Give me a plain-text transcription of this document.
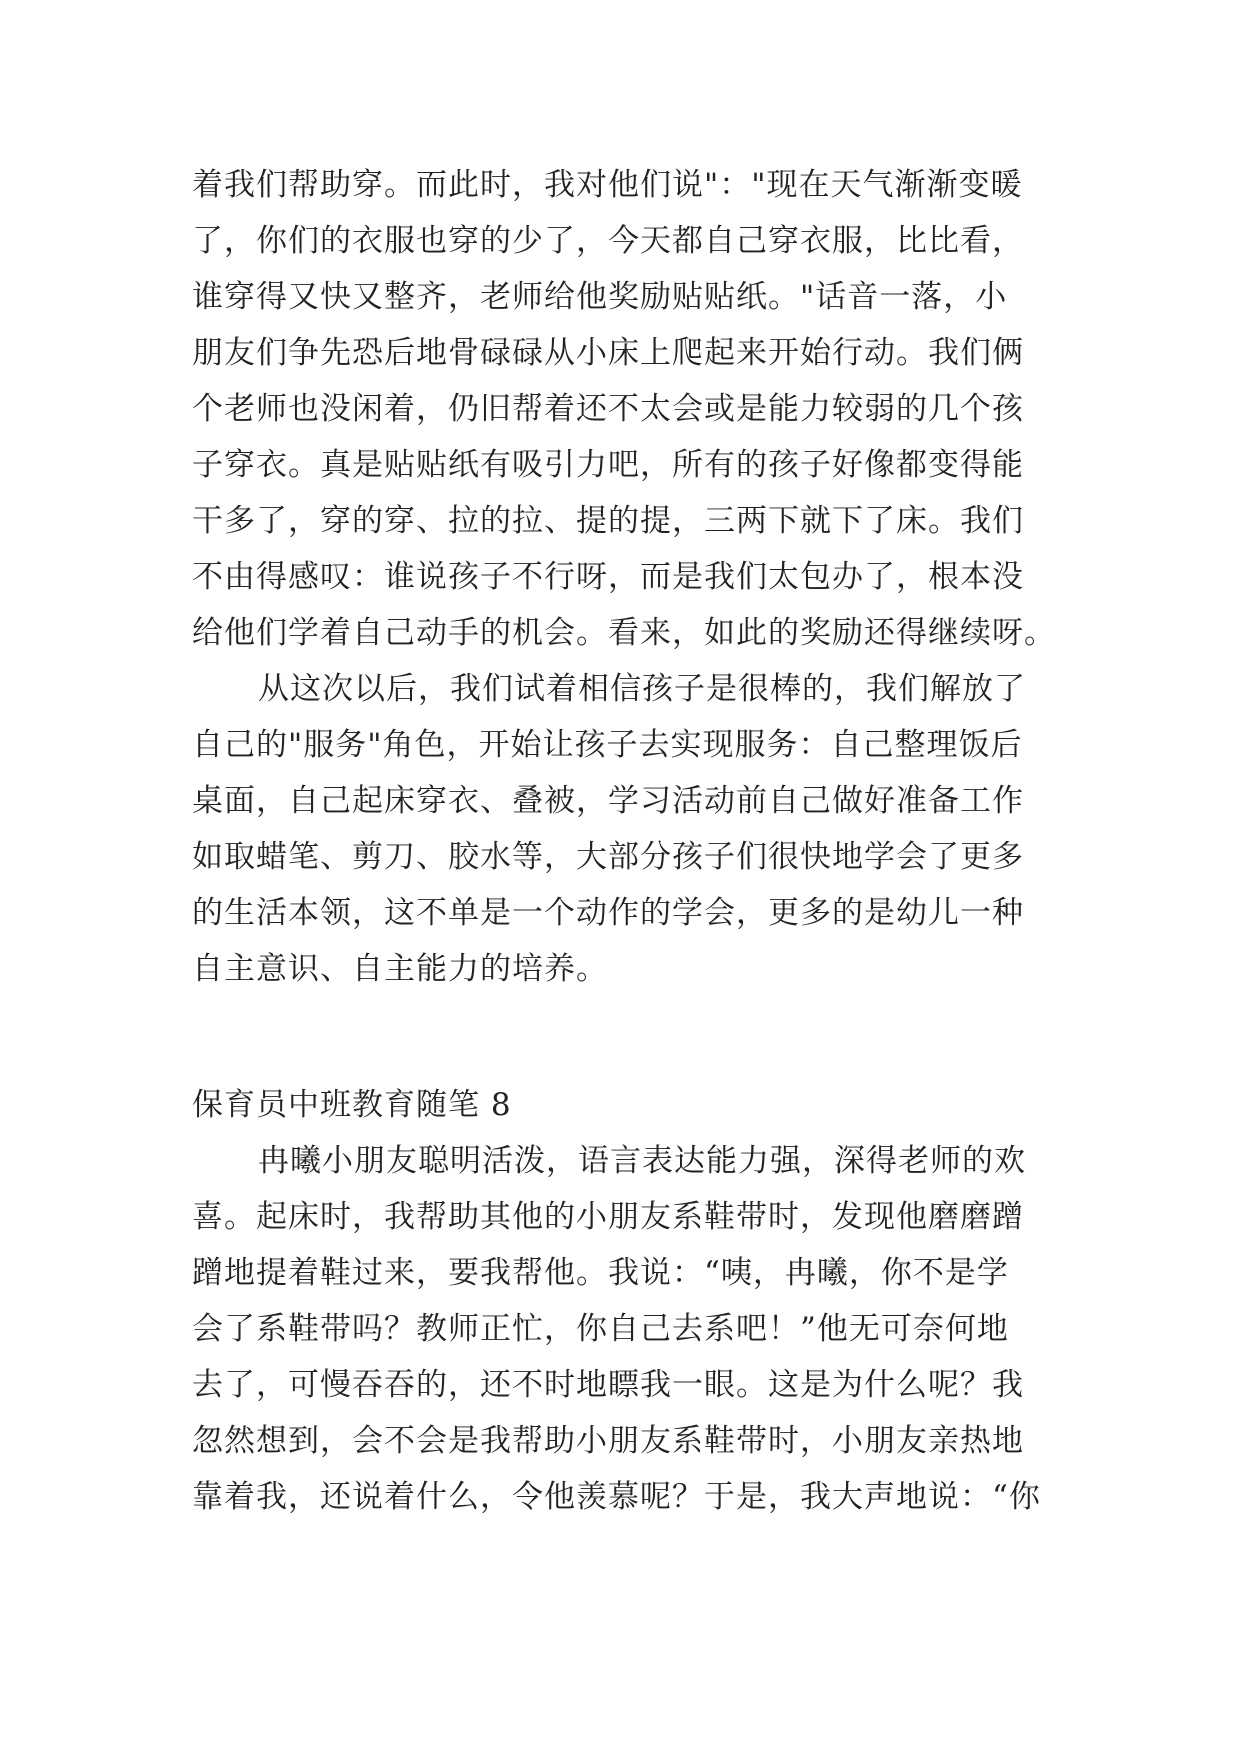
着我们帮助穿。而此时，我对他们说"："现在天气渐渐变暖
了，你们的衣服也穿的少了，今天都自己穿衣服，比比看，
谁穿得又快又整齐，老师给他奖励贴贴纸。"话音一落，小
朋友们争先恐后地骨碌碌从小床上爬起来开始行动。我们俩
个老师也没闲着，仍旧帮着还不太会或是能力较弱的几个孩
子穿衣。真是贴贴纸有吸引力吧，所有的孩子好像都变得能
干多了，穿的穿、拉的拉、提的提，三两下就下了床。我们
不由得感叹：谁说孩子不行呀，而是我们太包办了，根本没
给他们学着自己动手的机会。看来，如此的奖励还得继续呀。
从这次以后，我们试着相信孩子是很棒的，我们解放了
自己的"服务"角色，开始让孩子去实现服务：自己整理饭后
桌面，自己起床穿衣、叠被，学习活动前自己做好准备工作
如取蜡笔、剪刀、胶水等，大部分孩子们很快地学会了更多
的生活本领，这不单是一个动作的学会，更多的是幼儿一种
自主意识、自主能力的培养。
保育员中班教育随笔 8
冉曦小朋友聪明活泼，语言表达能力强，深得老师的欢
喜。起床时，我帮助其他的小朋友系鞋带时，发现他磨磨蹭
蹭地提着鞋过来，要我帮他。我说：“咦，冉曦，你不是学
会了系鞋带吗？教师正忙，你自己去系吧！”他无可奈何地
去了，可慢吞吞的，还不时地瞟我一眼。这是为什么呢？我
忽然想到，会不会是我帮助小朋友系鞋带时，小朋友亲热地
靠着我，还说着什么，令他羡慕呢？于是，我大声地说：“你
